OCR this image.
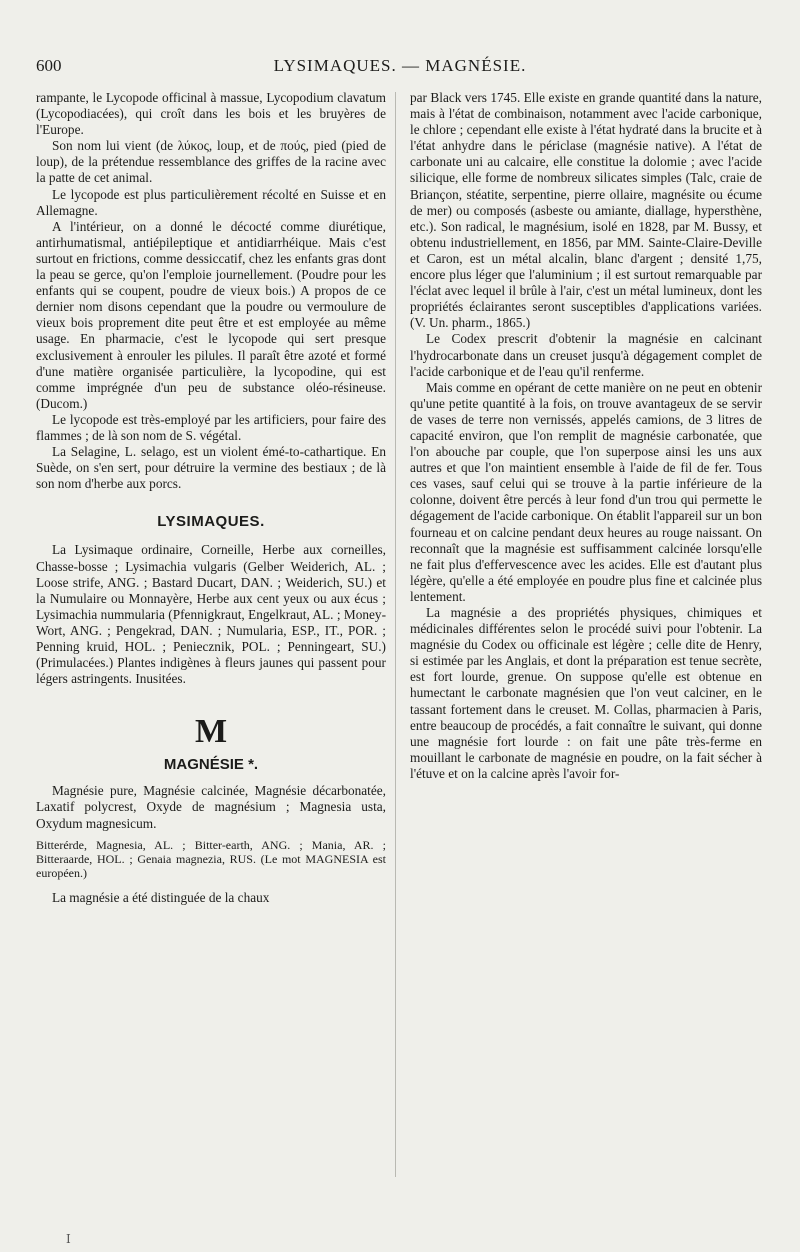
600	LYSIMAQUES. — MAGNÉSIE.

rampante, le Lycopode officinal à massue, Lycopodium clavatum (Lycopodiacées), qui croît dans les bois et les bruyères de l'Europe.

Son nom lui vient (de λύκος, loup, et de πούς, pied (pied de loup), de la prétendue ressemblance des griffes de la racine avec la patte de cet animal.

Le lycopode est plus particulièrement récolté en Suisse et en Allemagne.

A l'intérieur, on a donné le décocté comme diurétique, antirhumatismal, antiépileptique et antidiarrhéique. Mais c'est surtout en frictions, comme dessiccatif, chez les enfants gras dont la peau se gerce, qu'on l'emploie journellement. (Poudre pour les enfants qui se coupent, poudre de vieux bois.) A propos de ce dernier nom disons cependant que la poudre ou vermoulure de vieux bois proprement dite peut être et est employée au même usage. En pharmacie, c'est le lycopode qui sert presque exclusivement à enrouler les pilules. Il paraît être azoté et formé d'une matière organisée particulière, la lycopodine, qui est comme imprégnée d'un peu de substance oléo-résineuse. (Ducom.)

Le lycopode est très-employé par les artificiers, pour faire des flammes ; de là son nom de S. végétal.

La Selagine, L. selago, est un violent émé-to-cathartique. En Suède, on s'en sert, pour détruire la vermine des bestiaux ; de là son nom d'herbe aux porcs.

LYSIMAQUES.

La Lysimaque ordinaire, Corneille, Herbe aux corneilles, Chasse-bosse ; Lysimachia vulgaris (Gelber Weiderich, AL. ; Loose strife, ANG. ; Bastard Ducart, DAN. ; Weiderich, SU.) et la Numulaire ou Monnayère, Herbe aux cent yeux ou aux écus ; Lysimachia nummularia (Pfennigkraut, Engelkraut, AL. ; Money-Wort, ANG. ; Pengekrad, DAN. ; Numularia, ESP., IT., POR. ; Penning kruid, HOL. ; Peniecznik, POL. ; Penningeart, SU.) (Primulacées.) Plantes indigènes à fleurs jaunes qui passent pour légers astringents. Inusitées.

M
MAGNÉSIE *.

Magnésie pure, Magnésie calcinée, Magnésie décarbonatée, Laxatif polycrest, Oxyde de magnésium ; Magnesia usta, Oxydum magnesicum.

Bitterérde, Magnesia, AL. ; Bitter-earth, ANG. ; Mania, AR. ; Bitteraarde, HOL. ; Genaia magnezia, RUS. (Le mot MAGNESIA est européen.)

La magnésie a été distinguée de la chaux

par Black vers 1745. Elle existe en grande quantité dans la nature, mais à l'état de combinaison, notamment avec l'acide carbonique, le chlore ; cependant elle existe à l'état hydraté dans la brucite et à l'état anhydre dans le périclase (magnésie native). A l'état de carbonate uni au calcaire, elle constitue la dolomie ; avec l'acide silicique, elle forme de nombreux silicates simples (Talc, craie de Briançon, stéatite, serpentine, pierre ollaire, magnésite ou écume de mer) ou composés (asbeste ou amiante, diallage, hypersthène, etc.). Son radical, le magnésium, isolé en 1828, par M. Bussy, et obtenu industriellement, en 1856, par MM. Sainte-Claire-Deville et Caron, est un métal alcalin, blanc d'argent ; densité 1,75, encore plus léger que l'aluminium ; il est surtout remarquable par l'éclat avec lequel il brûle à l'air, c'est un métal lumineux, dont les propriétés éclairantes seront susceptibles d'applications variées. (V. Un. pharm., 1865.)

Le Codex prescrit d'obtenir la magnésie en calcinant l'hydrocarbonate dans un creuset jusqu'à dégagement complet de l'acide carbonique et de l'eau qu'il renferme.

Mais comme en opérant de cette manière on ne peut en obtenir qu'une petite quantité à la fois, on trouve avantageux de se servir de vases de terre non vernissés, appelés camions, de 3 litres de capacité environ, que l'on remplit de magnésie carbonatée, que l'on abouche par couple, que l'on superpose ainsi les uns aux autres et que l'on maintient ensemble à l'aide de fil de fer. Tous ces vases, sauf celui qui se trouve à la partie inférieure de la colonne, doivent être percés à leur fond d'un trou qui permette le dégagement de l'acide carbonique. On établit l'appareil sur un bon fourneau et on calcine pendant deux heures au rouge naissant. On reconnaît que la magnésie est suffisamment calcinée lorsqu'elle ne fait plus d'effervescence avec les acides. Elle est d'autant plus légère, qu'elle a été employée en poudre plus fine et calcinée plus lentement.

La magnésie a des propriétés physiques, chimiques et médicinales différentes selon le procédé suivi pour l'obtenir. La magnésie du Codex ou officinale est légère ; celle dite de Henry, si estimée par les Anglais, et dont la préparation est tenue secrète, est fort lourde, grenue. On suppose qu'elle est obtenue en humectant le carbonate magnésien que l'on veut calciner, en le tassant fortement dans le creuset. M. Collas, pharmacien à Paris, entre beaucoup de procédés, a fait connaître le suivant, qui donne une magnésie fort lourde : on fait une pâte très-ferme en mouillant le carbonate de magnésie en poudre, on la fait sécher à l'étuve et on la calcine après l'avoir for-

I
